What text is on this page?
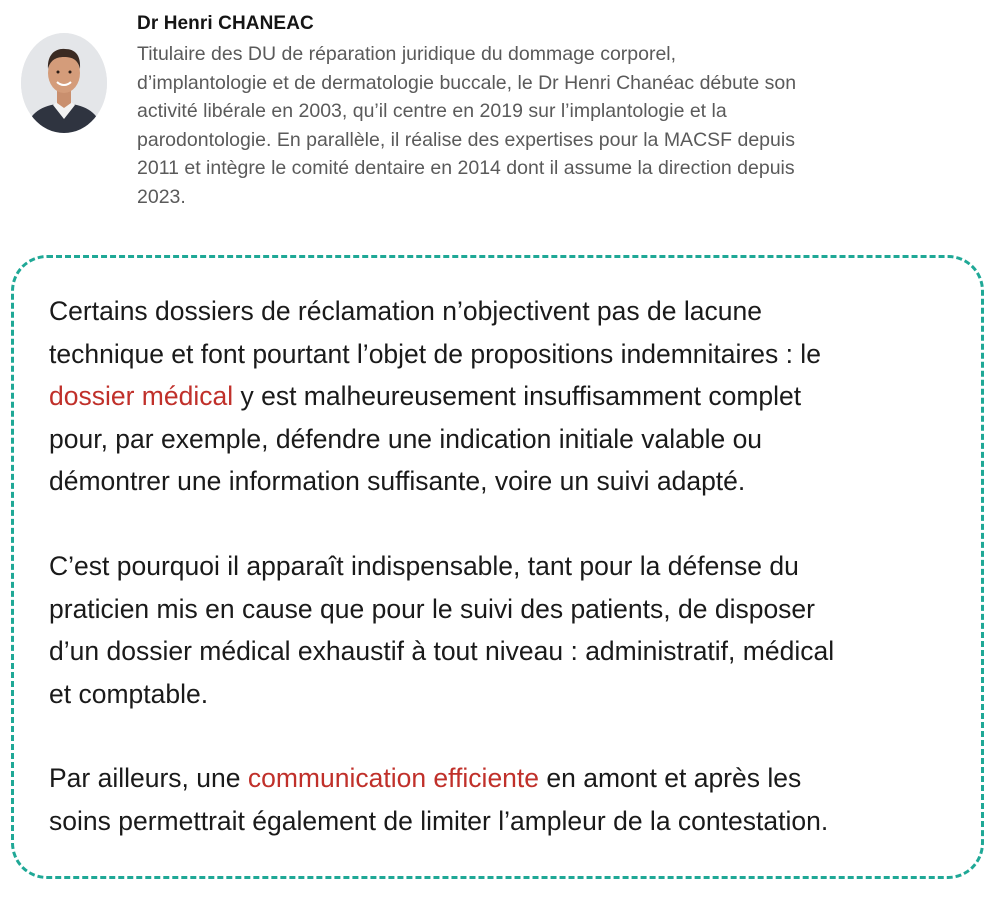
Dr Henri CHANEAC
Titulaire des DU de réparation juridique du dommage corporel,
d’implantologie et de dermatologie buccale, le Dr Henri Chanéac débute son
activité libérale en 2003, qu’il centre en 2019 sur l’implantologie et la
parodontologie. En parallèle, il réalise des expertises pour la MACSF depuis
2011 et intègre le comité dentaire en 2014 dont il assume la direction depuis
2023.

Certains dossiers de réclamation n’objectivent pas de lacune
technique et font pourtant l’objet de propositions indemnitaires : le
dossier médical y est malheureusement insuffisamment complet
pour, par exemple, défendre une indication initiale valable ou
démontrer une information suffisante, voire un suivi adapté.

C’est pourquoi il apparaît indispensable, tant pour la défense du
praticien mis en cause que pour le suivi des patients, de disposer
d’un dossier médical exhaustif à tout niveau : administratif, médical
et comptable.

Par ailleurs, une communication efficiente en amont et après les
soins permettrait également de limiter l’ampleur de la contestation.
